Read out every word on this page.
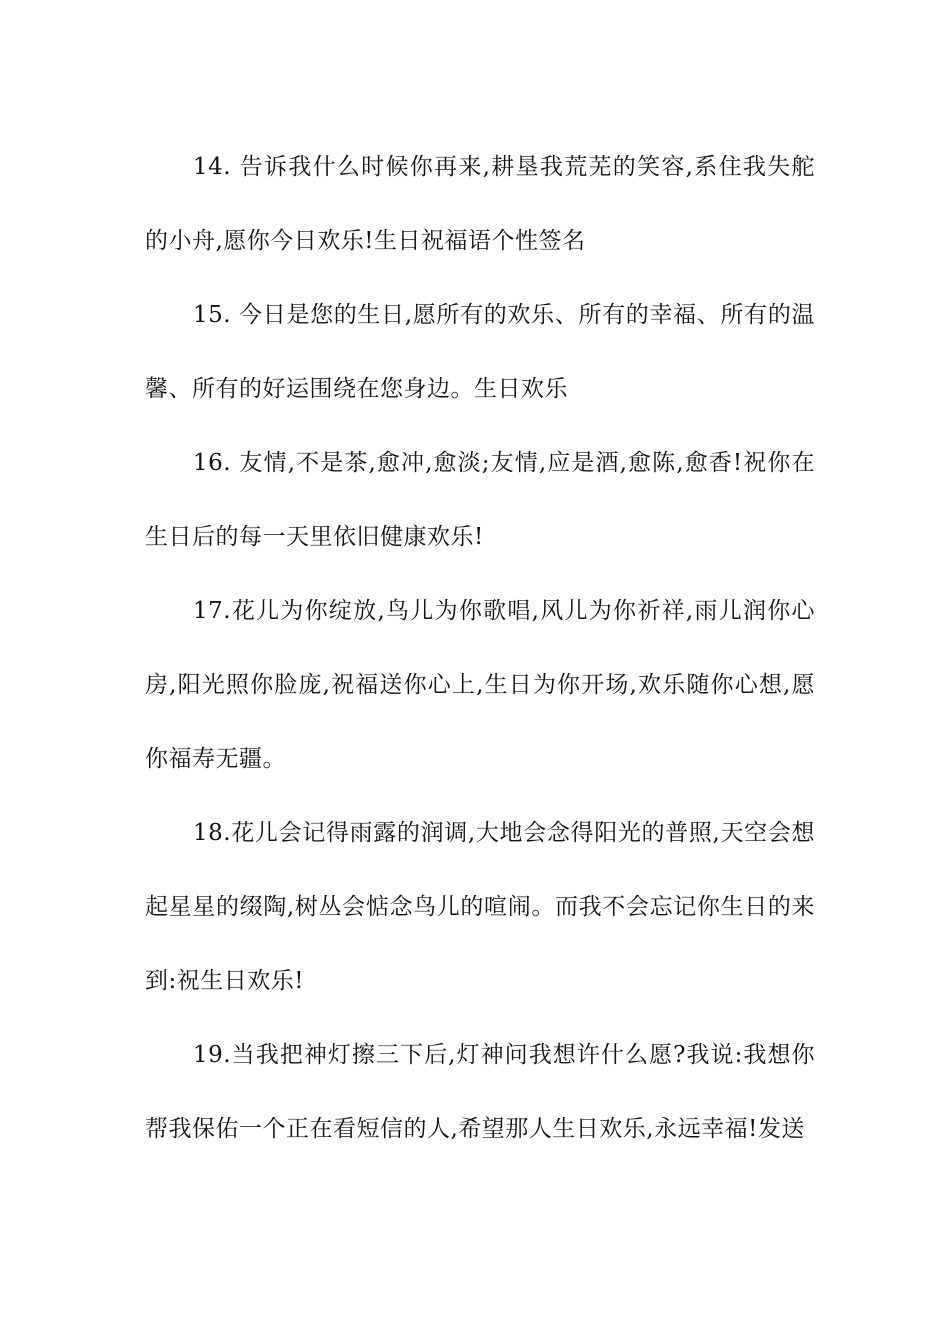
14. 告诉我什么时候你再来,耕垦我荒芜的笑容,系住我失舵的小舟,愿你今日欢乐!生日祝福语个性签名

15. 今日是您的生日,愿所有的欢乐、所有的幸福、所有的温馨、所有的好运围绕在您身边。生日欢乐

16. 友情,不是茶,愈冲,愈淡;友情,应是酒,愈陈,愈香!祝你在生日后的每一天里依旧健康欢乐!

17.花儿为你绽放,鸟儿为你歌唱,风儿为你祈祥,雨儿润你心房,阳光照你脸庞,祝福送你心上,生日为你开场,欢乐随你心想,愿你福寿无疆。

18.花儿会记得雨露的润调,大地会念得阳光的普照,天空会想起星星的缀陶,树丛会惦念鸟儿的喧闹。而我不会忘记你生日的来到:祝生日欢乐!

19.当我把神灯擦三下后,灯神问我想许什么愿?我说:我想你帮我保佑一个正在看短信的人,希望那人生日欢乐,永远幸福!发送
